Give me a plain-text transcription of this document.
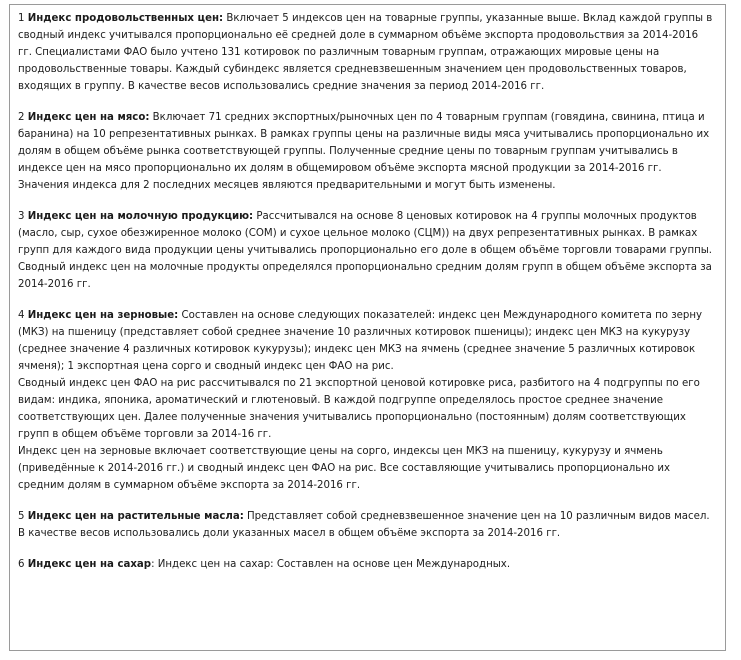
1 Индекс продовольственных цен: Включает 5 индексов цен на товарные группы, указанные выше. Вклад каждой группы в сводный индекс учитывался пропорционально её средней доле в суммарном объёме экспорта продовольствия за 2014-2016 гг. Специалистами ФАО было учтено 131 котировок по различным товарным группам, отражающих мировые цены на продовольственные товары. Каждый субиндекс является средневзвешенным значением цен продовольственных товаров, входящих в группу. В качестве весов использовались средние значения за период 2014-2016 гг.

2 Индекс цен на мясо: Включает 71 средних экспортных/рыночных цен по 4 товарным группам (говядина, свинина, птица и баранина) на 10 репрезентативных рынках. В рамках группы цены на различные виды мяса учитывались пропорционально их долям в общем объёме рынка соответствующей группы. Полученные средние цены по товарным группам учитывались в индексе цен на мясо пропорционально их долям в общемировом объёме экспорта мясной продукции за 2014-2016 гг. Значения индекса для 2 последних месяцев являются предварительными и могут быть изменены.

3 Индекс цен на молочную продукцию: Рассчитывался на основе 8 ценовых котировок на 4 группы молочных продуктов (масло, сыр, сухое обезжиренное молоко (СОМ) и сухое цельное молоко (СЦМ)) на двух репрезентативных рынках. В рамках групп для каждого вида продукции цены учитывались пропорционально его доле в общем объёме торговли товарами группы. Сводный индекс цен на молочные продукты определялся пропорционально средним долям групп в общем объёме экспорта за 2014-2016 гг.

4 Индекс цен на зерновые: Составлен на основе следующих показателей: индекс цен Международного комитета по зерну (МКЗ) на пшеницу (представляет собой среднее значение 10 различных котировок пшеницы); индекс цен МКЗ на кукурузу (среднее значение 4 различных котировок кукурузы); индекс цен МКЗ на ячмень (среднее значение 5 различных котировок ячменя); 1 экспортная цена сорго и сводный индекс цен ФАО на рис.
Сводный индекс цен ФАО на рис рассчитывался по 21 экспортной ценовой котировке риса, разбитого на 4 подгруппы по его видам: индика, японика, ароматический и глютеновый. В каждой подгруппе определялось простое среднее значение соответствующих цен. Далее полученные значения учитывались пропорционально (постоянным) долям соответствующих групп в общем объёме торговли за 2014-16 гг.
Индекс цен на зерновые включает соответствующие цены на сорго, индексы цен МКЗ на пшеницу, кукурузу и ячмень (приведённые к 2014-2016 гг.) и сводный индекс цен ФАО на рис. Все составляющие учитывались пропорционально их средним долям в суммарном объёме экспорта за 2014-2016 гг.

5 Индекс цен на растительные масла: Представляет собой средневзвешенное значение цен на 10 различным видов масел. В качестве весов использовались доли указанных масел в общем объёме экспорта за 2014-2016 гг.

6 Индекс цен на сахар: Индекс цен на сахар: Составлен на основе цен Международных.
